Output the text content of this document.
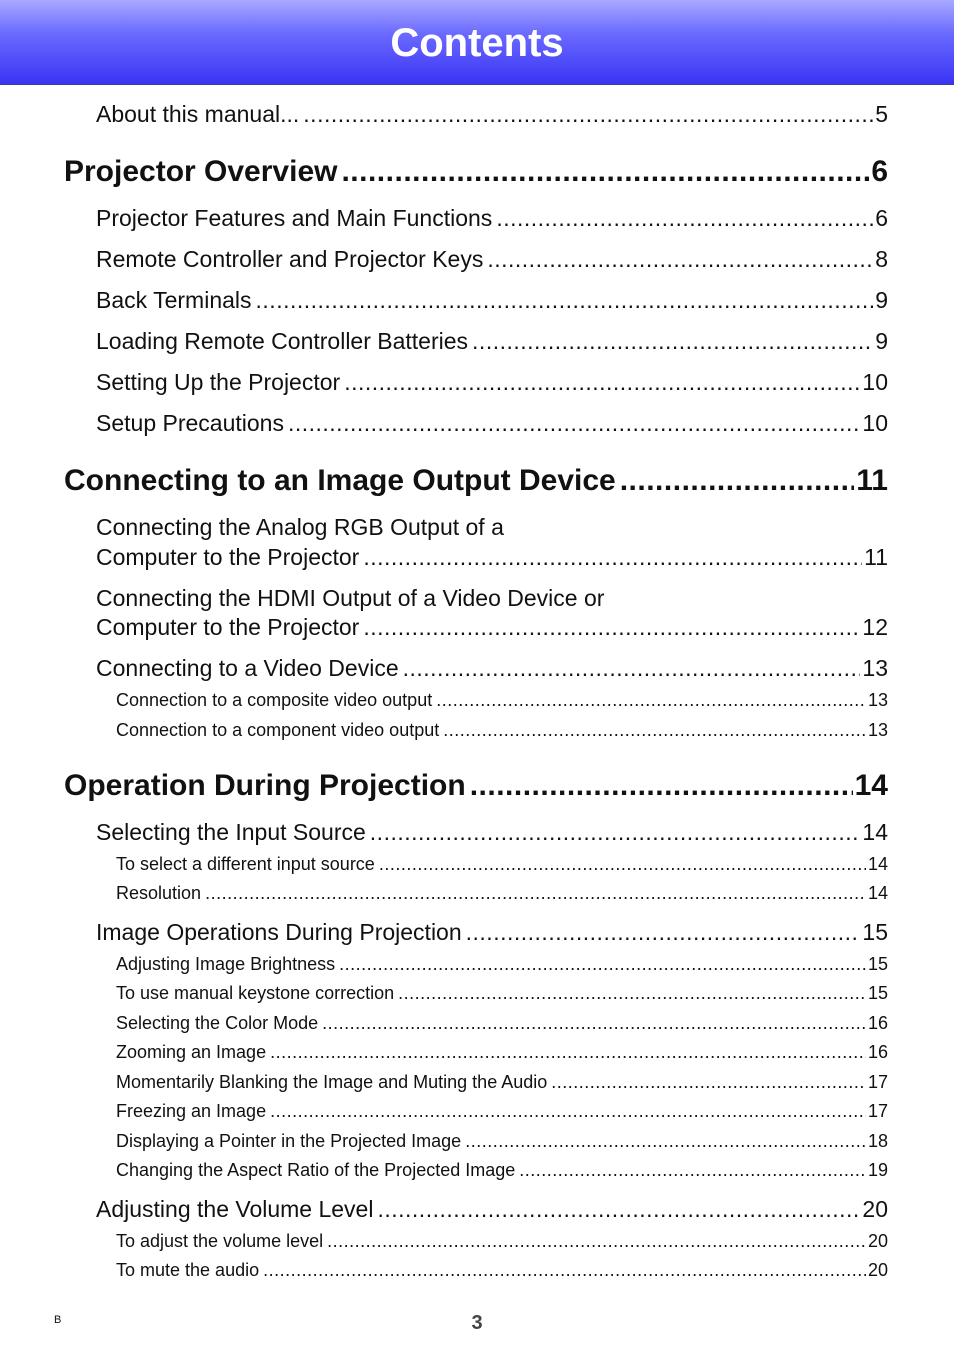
Contents
About this manual... .....	5
Projector Overview .....	6
Projector Features and Main Functions .....	6
Remote Controller and Projector Keys .....	8
Back Terminals .....	9
Loading Remote Controller Batteries .....	9
Setting Up the Projector .....	10
Setup Precautions .....	10
Connecting to an Image Output Device .....	11
Connecting the Analog RGB Output of a
Computer to the Projector .....	11
Connecting the HDMI Output of a Video Device or
Computer to the Projector .....	12
Connecting to a Video Device .....	13
Connection to a composite video output .....	13
Connection to a component video output .....	13
Operation During Projection .....	14
Selecting the Input Source .....	14
To select a different input source .....	14
Resolution .....	14
Image Operations During Projection .....	15
Adjusting Image Brightness .....	15
To use manual keystone correction .....	15
Selecting the Color Mode .....	16
Zooming an Image .....	16
Momentarily Blanking the Image and Muting the Audio .....	17
Freezing an Image .....	17
Displaying a Pointer in the Projected Image .....	18
Changing the Aspect Ratio of the Projected Image .....	19
Adjusting the Volume Level .....	20
To adjust the volume level .....	20
To mute the audio .....	20
B	3
